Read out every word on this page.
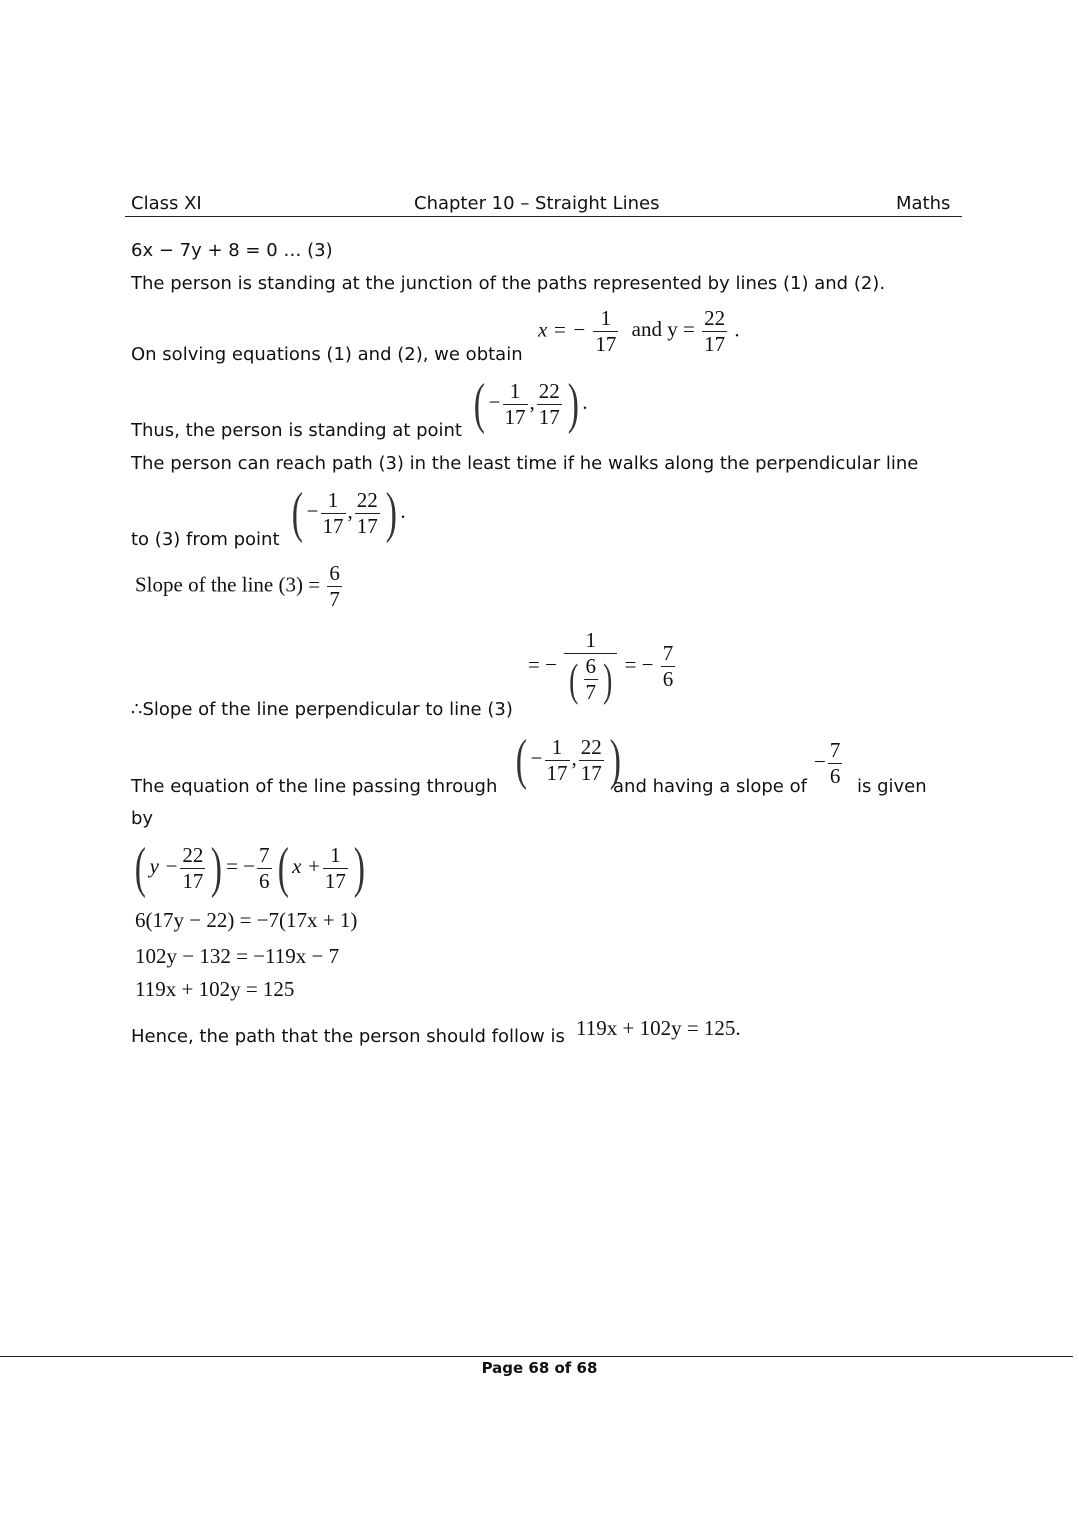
Class XI	Chapter 10 – Straight Lines	Maths
6x − 7y + 8 = 0 … (3)
The person is standing at the junction of the paths represented by lines (1) and (2).
On solving equations (1) and (2), we obtain
x = − $\frac{1}{17}$ and $y = \frac{22}{17}$ .
Thus, the person is standing at point ( − $\frac{1}{17}$ , $\frac{22}{17}$ ) .
The person can reach path (3) in the least time if he walks along the perpendicular line
to (3) from point ( − $\frac{1}{17}$ , $\frac{22}{17}$ ) .
Slope of the line $(3) = \frac{6}{7}$
∴Slope of the line perpendicular to line (3)
= − $\frac{1}{( \frac{6}{7} )}$ = − $\frac{7}{6}$
The equation of the line passing through ( − $\frac{1}{17}$ , $\frac{22}{17}$ )
and having a slope of
− $\frac{7}{6}$ is given
by
( $y - \frac{22}{17}$ ) = − $\frac{7}{6}$ ( $x + \frac{1}{17}$ )
6(17y − 22) = −7(17x + 1)
102y − 132 = −119x − 7
119x + 102y = 125
Hence, the path that the person should follow is 119x + 102y = 125.
Page 68 of 68
